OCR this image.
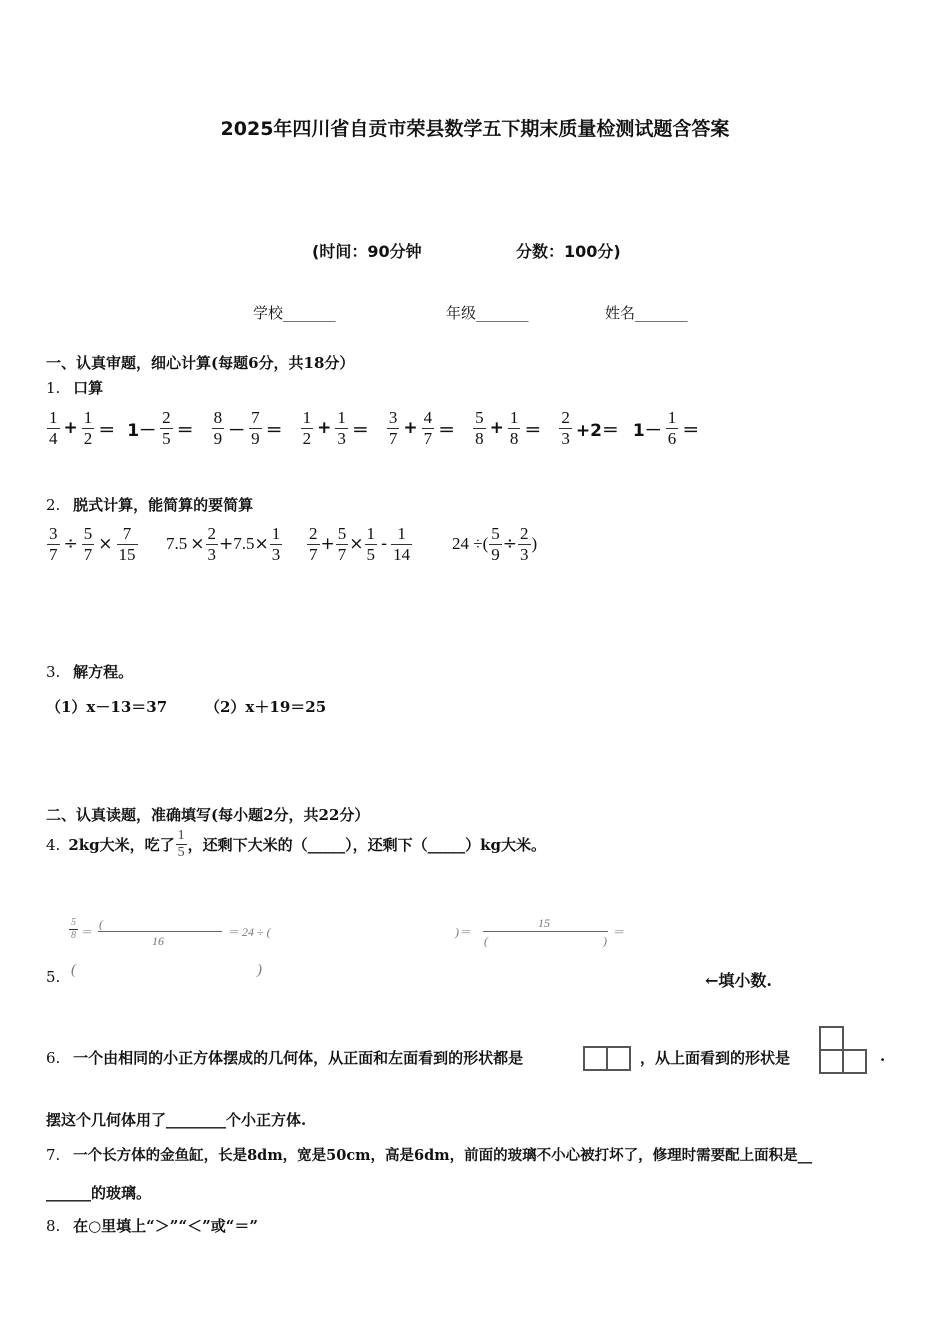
2025年四川省自贡市荣县数学五下期末质量检测试题含答案
(时间：90分钟	分数：100分)
学校_______	年级_______	姓名_______
一、认真审题，细心计算(每题6分，共18分）
1. 口算
$\frac{1}{4} + \frac{1}{2} = 1- \frac{2}{5} = \frac{8}{9} - \frac{7}{9} = \frac{1}{2} + \frac{1}{3} = \frac{3}{7} + \frac{4}{7} = \frac{5}{8} + \frac{1}{8} = \frac{2}{3} +2= 1- \frac{1}{6}$ ＝
2. 脱式计算，能简算的要简算
$\frac{3}{7} \div \frac{5}{7} \times \frac{7}{15} 7.5 \times \frac{2}{3} + 7.5 \times \frac{1}{3} \frac{2}{7} + \frac{5}{7} \times \frac{1}{5} - \frac{1}{14} 24$ ÷( $\frac{5}{9} \div \frac{2}{3}$ )
3. 解方程。
（1）x－13＝37	（2）x＋19＝25
二、认真读题，准确填写(每小题2分，共22分）
4. 2kg大米，吃了 $\frac{1}{5}$ ，还剩下大米的（_____），还剩下（_____）kg大米。
$\frac{5}{8}$ ＝
(
16
＝ 24 ÷ (	)＝
15
(	)
＝
5. (	)
←填小数.
6. 一个由相同的小正方体摆成的几何体，从正面和左面看到的形状都是	，从上面看到的形状是	.
摆这个几何体用了________个小正方体.
7. 一个长方体的金鱼缸，长是8dm，宽是50cm，高是6dm，前面的玻璃不小心被打坏了，修理时需要配上面积是__
______的玻璃。
8. 在○里填上“＞”“＜”或“＝”
